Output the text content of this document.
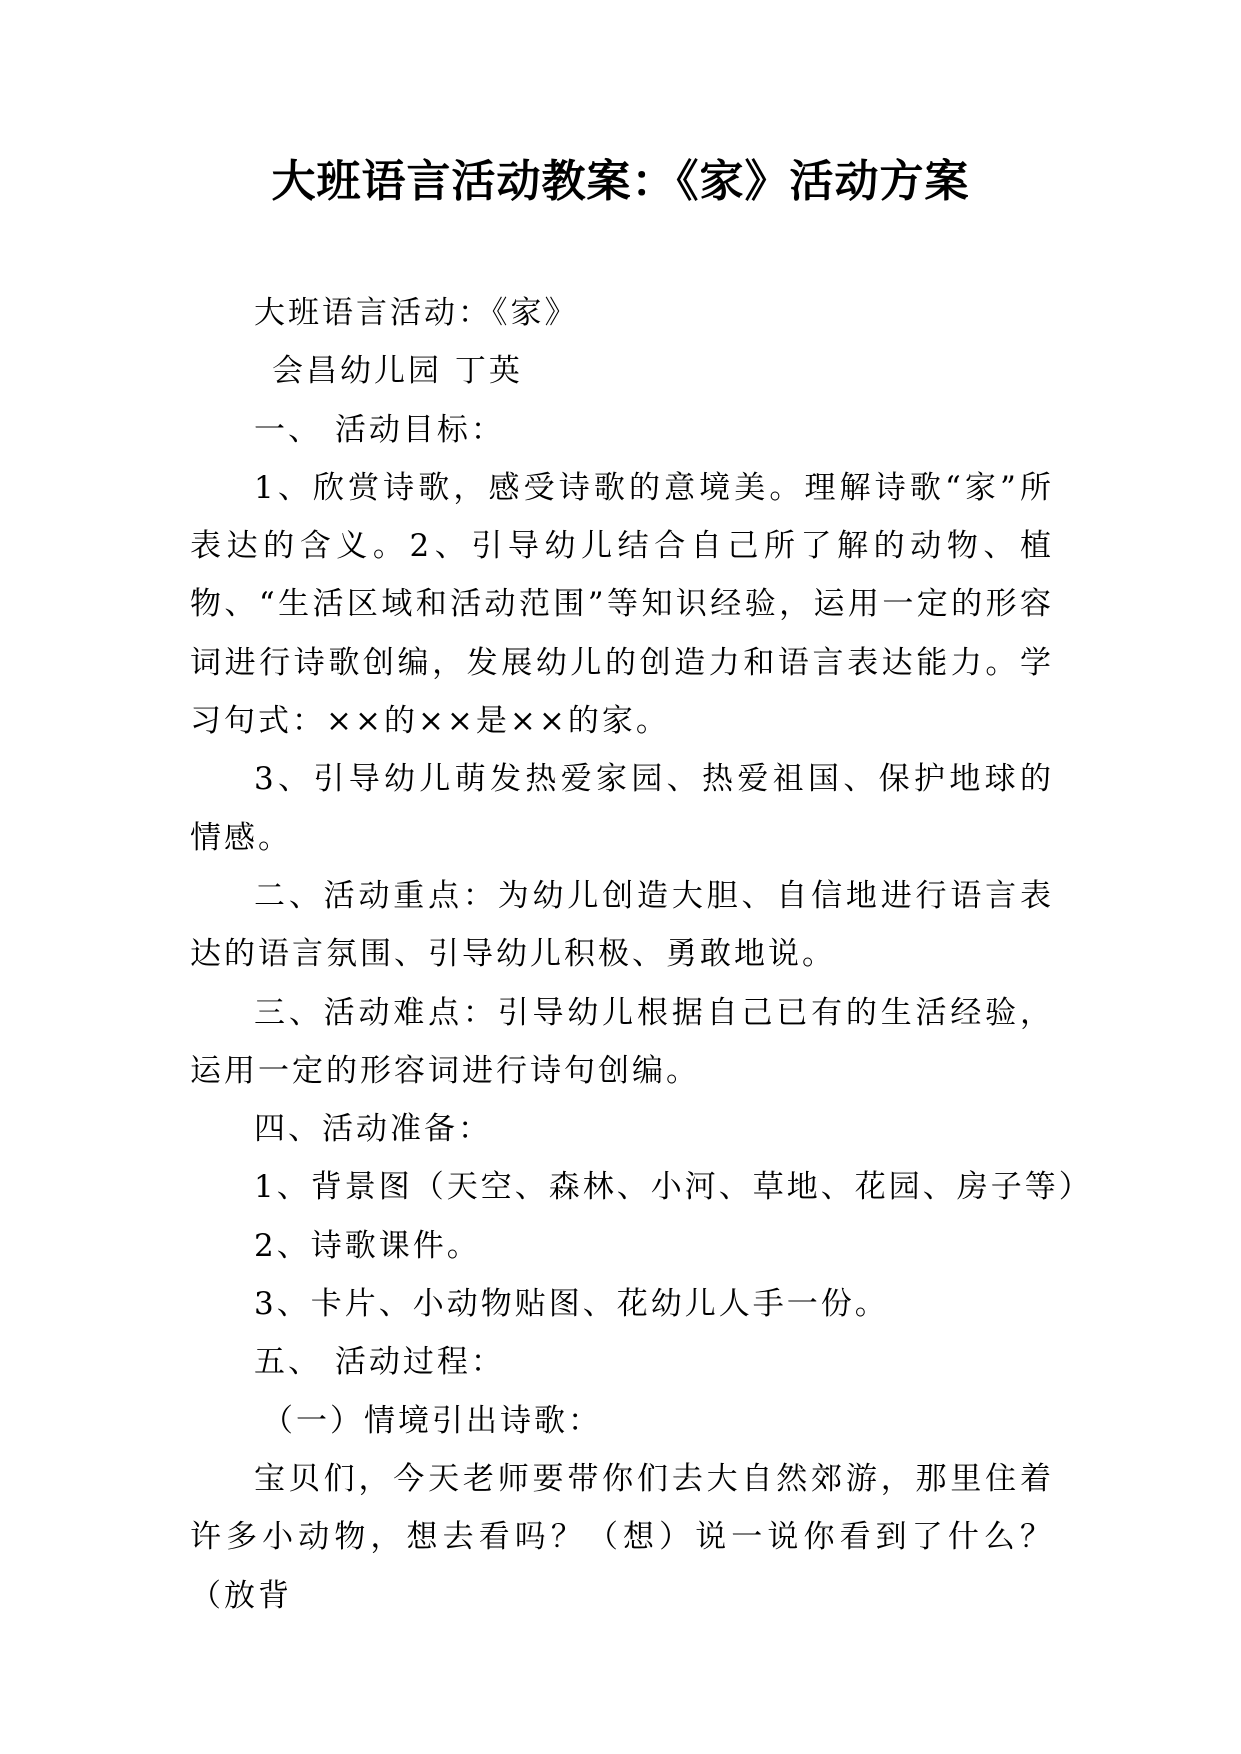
大班语言活动教案：《家》活动方案

大班语言活动：《家》

会昌幼儿园 丁英

一、 活动目标：

1、欣赏诗歌，感受诗歌的意境美。理解诗歌“家”所表达的含义。2、引导幼儿结合自己所了解的动物、植物、“生活区域和活动范围”等知识经验，运用一定的形容词进行诗歌创编，发展幼儿的创造力和语言表达能力。学习句式：××的××是××的家。

3、引导幼儿萌发热爱家园、热爱祖国、保护地球的情感。

二、活动重点：为幼儿创造大胆、自信地进行语言表达的语言氛围、引导幼儿积极、勇敢地说。

三、活动难点：引导幼儿根据自己已有的生活经验，运用一定的形容词进行诗句创编。

四、活动准备：

1、背景图（天空、森林、小河、草地、花园、房子等）

2、诗歌课件。

3、卡片、小动物贴图、花幼儿人手一份。

五、 活动过程：

（一）情境引出诗歌：

宝贝们，今天老师要带你们去大自然郊游，那里住着许多小动物，想去看吗？（想）说一说你看到了什么？（放背
